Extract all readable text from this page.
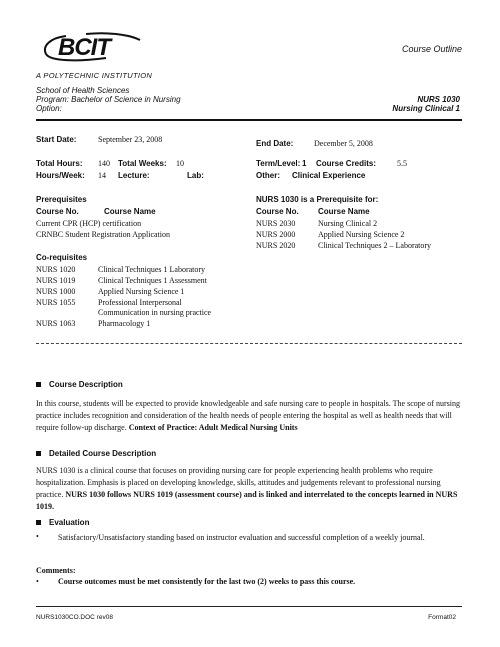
BCIT	Course Outline
A POLYTECHNIC INSTITUTION
School of Health Sciences
Program: Bachelor of Science in Nursing
Option:
NURS 1030
Nursing Clinical 1
Start Date:	September 23, 2008	End Date:	December 5, 2008
Total Hours: 140 Total Weeks: 10
Hours/Week: 14 Lecture:	Lab:
Term/Level: 1 Course Credits:	5.5
Other: Clinical Experience
Prerequisites
Course No.	Course Name
Current CPR (HCP) certification
CRNBC Student Registration Application
NURS 1030 is a Prerequisite for:
Course No. Course Name
NURS 2030	Nursing Clinical 2
NURS 2000	Applied Nursing Science 2
NURS 2020	Clinical Techniques 2 – Laboratory
Co-requisites
NURS 1020	Clinical Techniques 1 Laboratory
NURS 1019	Clinical Techniques 1 Assessment
NURS 1000	Applied Nursing Science 1
NURS 1055	Professional Interpersonal
Communication in nursing practice
NURS 1063	Pharmacology 1
Course Description
In this course, students will be expected to provide knowledgeable and safe nursing care to people in hospitals. The scope of nursing practice includes recognition and consideration of the health needs of people entering the hospital as well as health needs that will require follow-up discharge. Context of Practice: Adult Medical Nursing Units
Detailed Course Description
NURS 1030 is a clinical course that focuses on providing nursing care for people experiencing health problems who require hospitalization. Emphasis is placed on developing knowledge, skills, attitudes and judgements relevant to professional nursing practice. NURS 1030 follows NURS 1019 (assessment course) and is linked and interrelated to the concepts learned in NURS 1019.
Evaluation
• Satisfactory/Unsatisfactory standing based on instructor evaluation and successful completion of a weekly journal.
Comments:
• Course outcomes must be met consistently for the last two (2) weeks to pass this course.
NURS1030CO.DOC rev08	Format02
